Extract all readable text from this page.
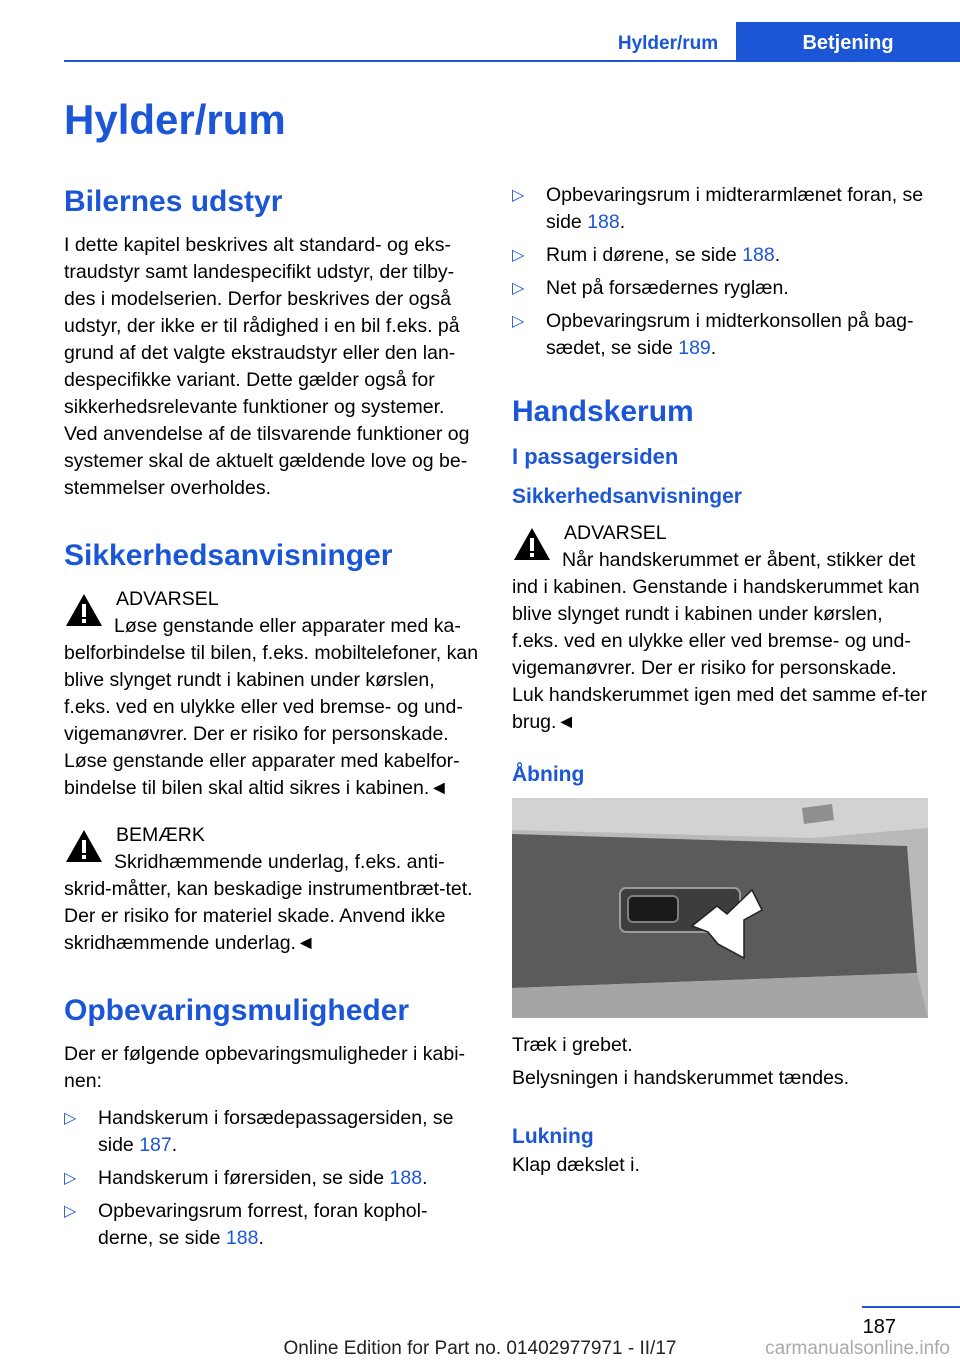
Hylder/rum	Betjening
Hylder/rum
Bilernes udstyr

I dette kapitel beskrives alt standard- og eks-traudstyr samt landespecifikt udstyr, der tilby-des i modelserien. Derfor beskrives der også udstyr, der ikke er til rådighed i en bil f.eks. på grund af det valgte ekstraudstyr eller den lan-despecifikke variant. Dette gælder også for sikkerhedsrelevante funktioner og systemer. Ved anvendelse af de tilsvarende funktioner og systemer skal de aktuelt gældende love og be-stemmelser overholdes.

Sikkerhedsanvisninger
ADVARSEL
Løse genstande eller apparater med ka-belforbindelse til bilen, f.eks. mobiltelefoner, kan blive slynget rundt i kabinen under kørslen, f.eks. ved en ulykke eller ved bremse- og und-vigemanøvrer. Der er risiko for personskade. Løse genstande eller apparater med kabelfor-bindelse til bilen skal altid sikres i kabinen.◄
BEMÆRK
Skridhæmmende underlag, f.eks. anti-skrid-måtter, kan beskadige instrumentbræt-tet. Der er risiko for materiel skade. Anvend ikke skridhæmmende underlag.◄
Opbevaringsmuligheder

Der er følgende opbevaringsmuligheder i kabi-nen:

▷ Handskerum i forsædepassagersiden, se side 187.
▷ Handskerum i førersiden, se side 188.
▷ Opbevaringsrum forrest, foran kophol-derne, se side 188.
▷ Opbevaringsrum i midterarmlænet foran, se side 188.
▷ Rum i dørene, se side 188.
▷ Net på forsædernes ryglæn.
▷ Opbevaringsrum i midterkonsollen på bag-sædet, se side 189.
Handskerum
I passagersiden
Sikkerhedsanvisninger
ADVARSEL
Når handskerummet er åbent, stikker det ind i kabinen. Genstande i handskerummet kan blive slynget rundt i kabinen under kørslen, f.eks. ved en ulykke eller ved bremse- og und-vigemanøvrer. Der er risiko for personskade. Luk handskerummet igen med det samme ef-ter brug.◄
Åbning

Træk i grebet.

Belysningen i handskerummet tændes.

Lukning

Klap dækslet i.

187
Online Edition for Part no. 01402977971 - II/17	carmanualsonline.info
